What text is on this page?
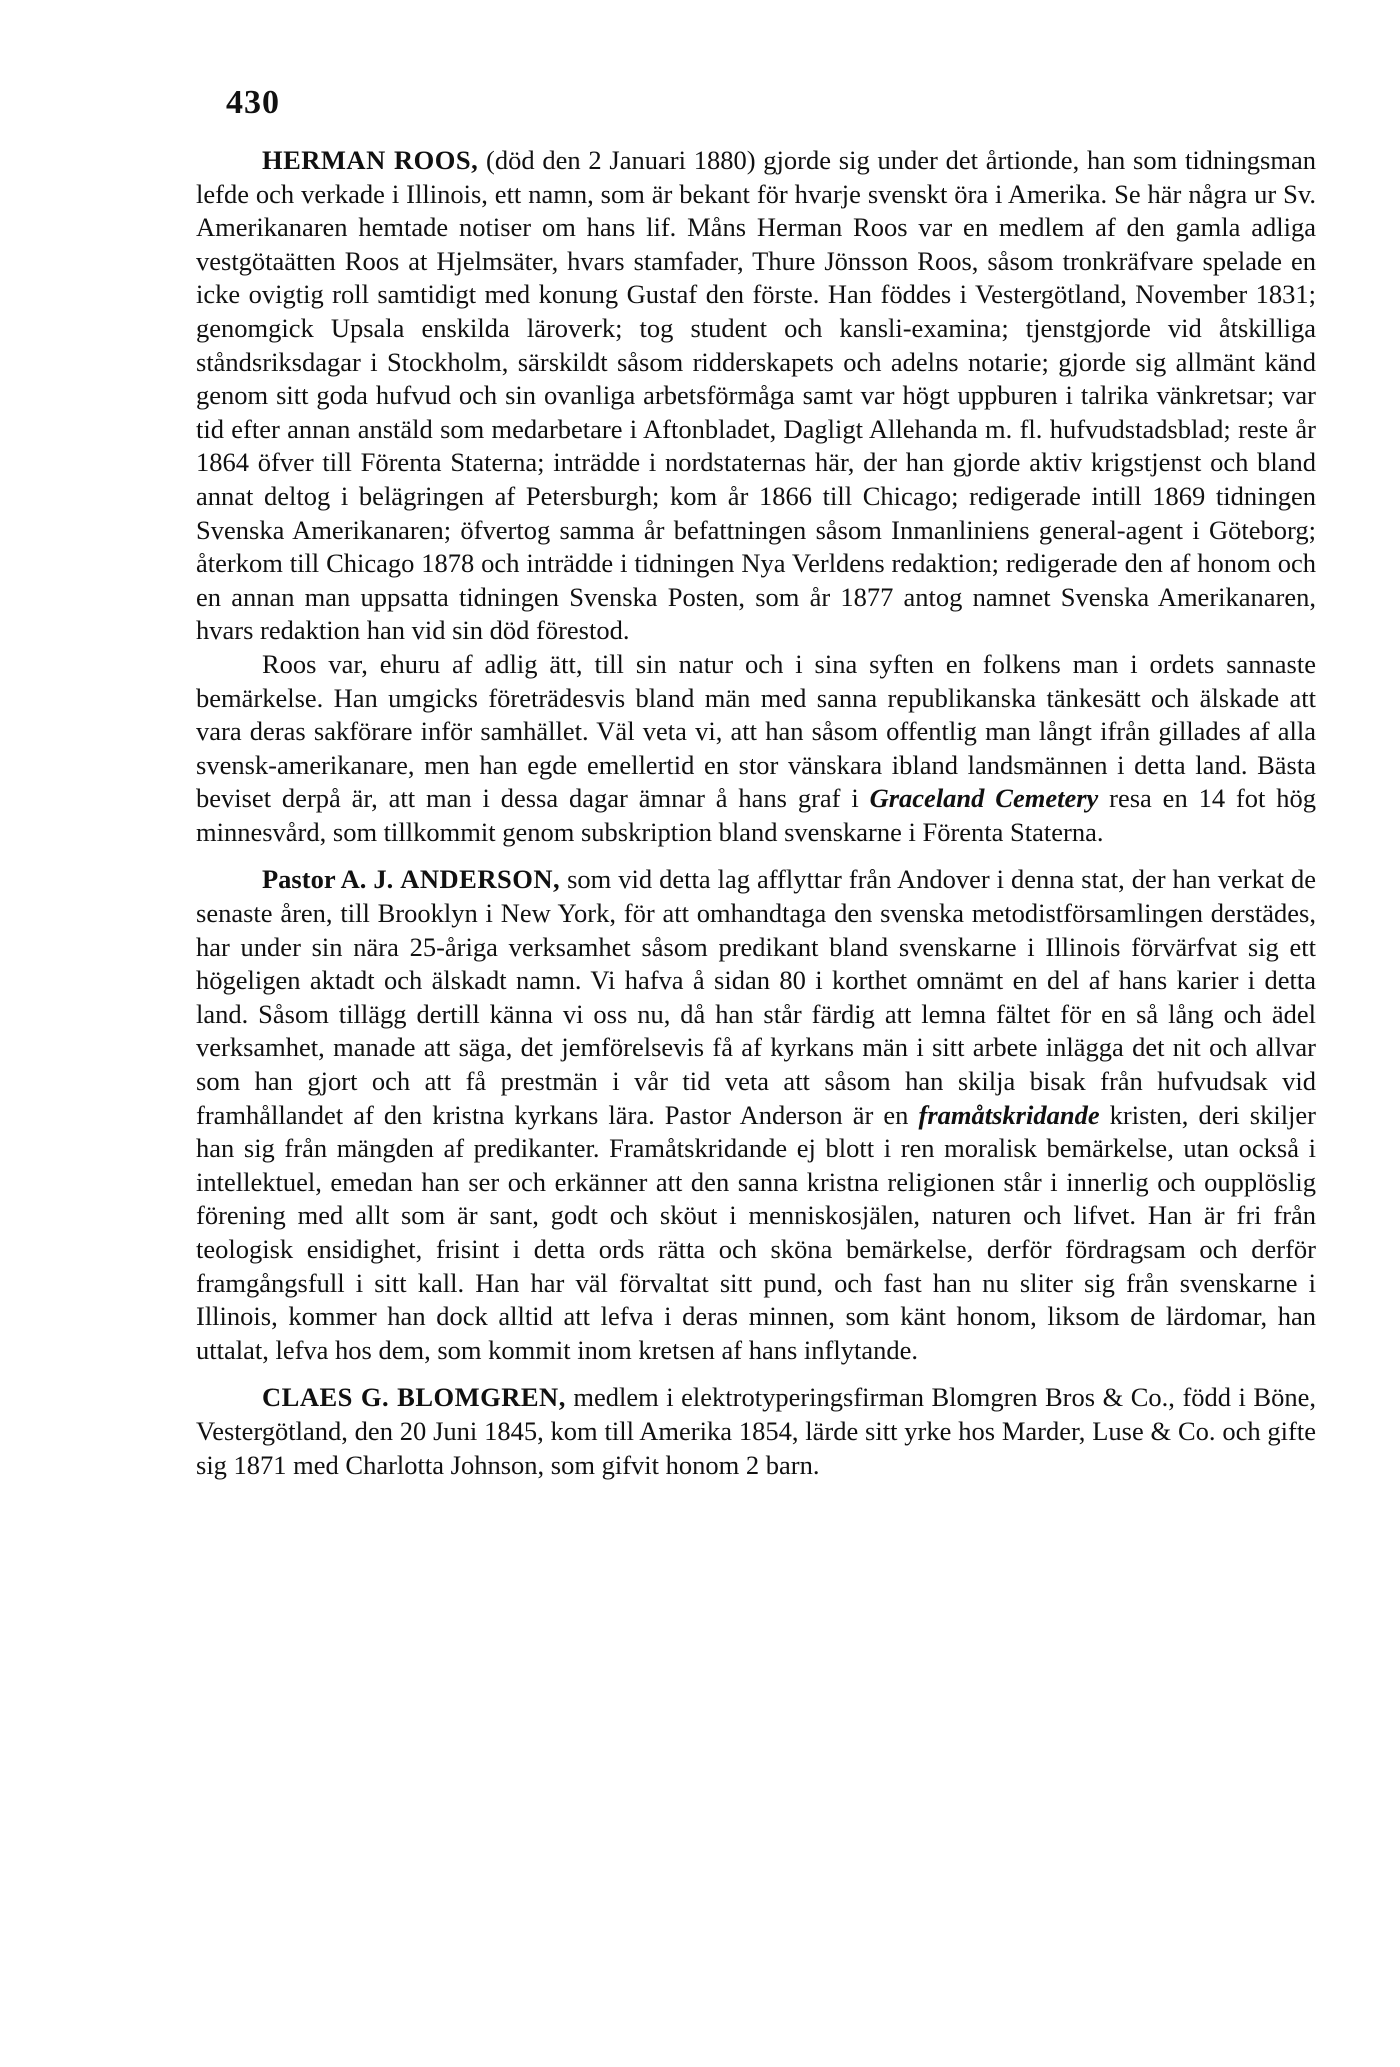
430

HERMAN ROOS, (död den 2 Januari 1880) gjorde sig under det årtionde, han som tidningsman lefde och verkade i Illinois, ett namn, som är bekant för hvarje svenskt öra i Amerika. Se här några ur Sv. Amerikanaren hemtade notiser om hans lif. Måns Herman Roos var en medlem af den gamla adliga vestgötaätten Roos at Hjelmsäter, hvars stamfader, Thure Jönsson Roos, såsom tronkräfvare spelade en icke ovigtig roll samtidigt med konung Gustaf den förste. Han föddes i Vestergötland, November 1831; genomgick Upsala enskilda läroverk; tog student och kansli-examina; tjenstgjorde vid åtskilliga ståndsriksdagar i Stockholm, särskildt såsom ridderskapets och adelns notarie; gjorde sig allmänt känd genom sitt goda hufvud och sin ovanliga arbetsförmåga samt var högt uppburen i talrika vänkretsar; var tid efter annan anstäld som medarbetare i Aftonbladet, Dagligt Allehanda m. fl. hufvudstadsblad; reste år 1864 öfver till Förenta Staterna; inträdde i nordstaternas här, der han gjorde aktiv krigstjenst och bland annat deltog i belägringen af Petersburgh; kom år 1866 till Chicago; redigerade intill 1869 tidningen Svenska Amerikanaren; öfvertog samma år befattningen såsom Inmanliniens general-agent i Göteborg; återkom till Chicago 1878 och inträdde i tidningen Nya Verldens redaktion; redigerade den af honom och en annan man uppsatta tidningen Svenska Posten, som år 1877 antog namnet Svenska Amerikanaren, hvars redaktion han vid sin död förestod.

Roos var, ehuru af adlig ätt, till sin natur och i sina syften en folkens man i ordets sannaste bemärkelse. Han umgicks företrädesvis bland män med sanna republikanska tänkesätt och älskade att vara deras sakförare inför samhället. Väl veta vi, att han såsom offentlig man långt ifrån gillades af alla svensk-amerikanare, men han egde emellertid en stor vänskara ibland landsmännen i detta land. Bästa beviset derpå är, att man i dessa dagar ämnar å hans graf i Graceland Cemetery resa en 14 fot hög minnesvård, som tillkommit genom subskription bland svenskarne i Förenta Staterna.

Pastor A. J. ANDERSON, som vid detta lag afflyttar från Andover i denna stat, der han verkat de senaste åren, till Brooklyn i New York, för att omhandtaga den svenska metodistförsamlingen derstädes, har under sin nära 25-åriga verksamhet såsom predikant bland svenskarne i Illinois förvärfvat sig ett högeligen aktadt och älskadt namn. Vi hafva å sidan 80 i korthet omnämt en del af hans karier i detta land. Såsom tillägg dertill känna vi oss nu, då han står färdig att lemna fältet för en så lång och ädel verksamhet, manade att säga, det jemförelsevis få af kyrkans män i sitt arbete inlägga det nit och allvar som han gjort och att få prestmän i vår tid veta att såsom han skilja bisak från hufvudsak vid framhållandet af den kristna kyrkans lära. Pastor Anderson är en framåtskridande kristen, deri skiljer han sig från mängden af predikanter. Framåtskridande ej blott i ren moralisk bemärkelse, utan också i intellektuel, emedan han ser och erkänner att den sanna kristna religionen står i innerlig och oupplöslig förening med allt som är sant, godt och sköut i menniskosjälen, naturen och lifvet. Han är fri från teologisk ensidighet, frisint i detta ords rätta och sköna bemärkelse, derför fördragsam och derför framgångsfull i sitt kall. Han har väl förvaltat sitt pund, och fast han nu sliter sig från svenskarne i Illinois, kommer han dock alltid att lefva i deras minnen, som känt honom, liksom de lärdomar, han uttalat, lefva hos dem, som kommit inom kretsen af hans inflytande.

CLAES G. BLOMGREN, medlem i elektrotyperingsfirman Blomgren Bros & Co., född i Böne, Vestergötland, den 20 Juni 1845, kom till Amerika 1854, lärde sitt yrke hos Marder, Luse & Co. och gifte sig 1871 med Charlotta Johnson, som gifvit honom 2 barn.
